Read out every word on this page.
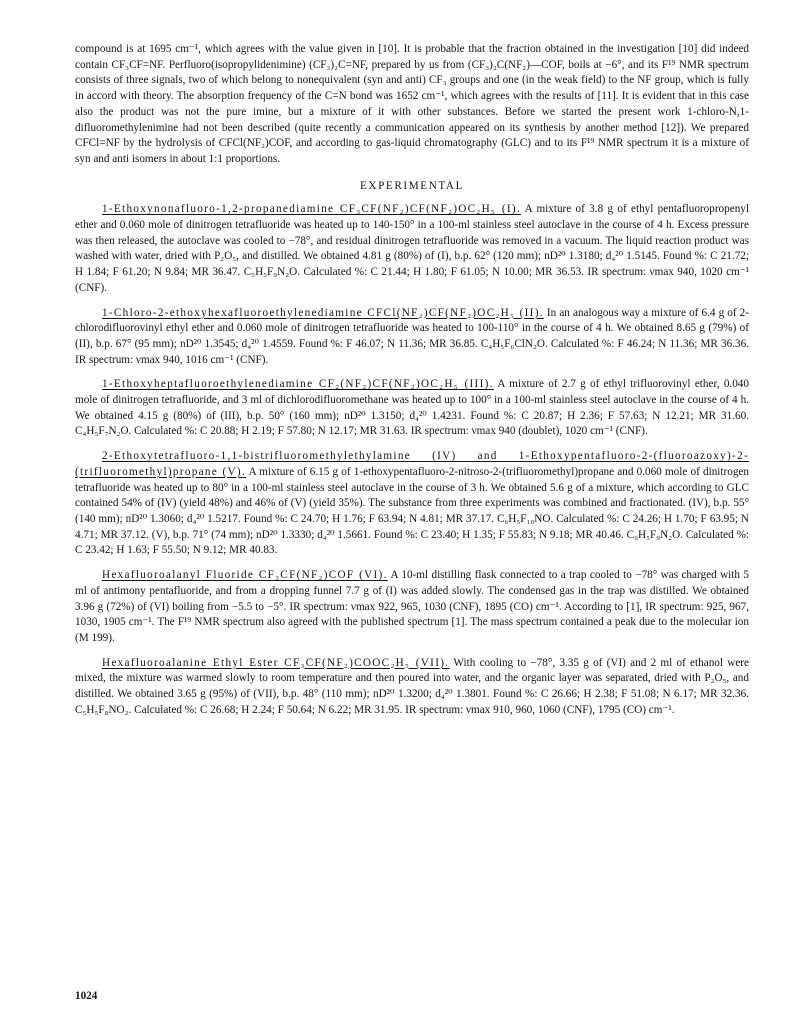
compound is at 1695 cm⁻¹, which agrees with the value given in [10]. It is probable that the fraction obtained in the investigation [10] did indeed contain CF₃CF=NF. Perfluoro(isopropylidenimine) (CF₃)₂C=NF, prepared by us from (CF₃)₂C(NF₂)—COF, boils at −6°, and its F¹⁹ NMR spectrum consists of three signals, two of which belong to nonequivalent (syn and anti) CF₃ groups and one (in the weak field) to the NF group, which is fully in accord with theory. The absorption frequency of the C=N bond was 1652 cm⁻¹, which agrees with the results of [11]. It is evident that in this case also the product was not the pure imine, but a mixture of it with other substances. Before we started the present work 1-chloro-N,1-difluoromethylenimine had not been described (quite recently a communication appeared on its synthesis by another method [12]). We prepared CFCl=NF by the hydrolysis of CFCl(NF₂)COF, and according to gas-liquid chromatography (GLC) and to its F¹⁹ NMR spectrum it is a mixture of syn and anti isomers in about 1:1 proportions.

EXPERIMENTAL

1-Ethoxynonafluoro-1,2-propanediamine CF₃CF(NF₂)CF(NF₂)OC₂H₅ (I). A mixture of 3.8 g of ethyl pentafluoropropenyl ether and 0.060 mole of dinitrogen tetrafluoride was heated up to 140-150° in a 100-ml stainless steel autoclave in the course of 4 h. Excess pressure was then released, the autoclave was cooled to −78°, and residual dinitrogen tetrafluoride was removed in a vacuum. The liquid reaction product was washed with water, dried with P₂O₅, and distilled. We obtained 4.81 g (80%) of (I), b.p. 62° (120 mm); nD²⁰ 1.3180; d₄²⁰ 1.5145. Found %: C 21.72; H 1.84; F 61.20; N 9.84; MR 36.47. C₅H₅F₉N₂O. Calculated %: C 21.44; H 1.80; F 61.05; N 10.00; MR 36.53. IR spectrum: νmax 940, 1020 cm⁻¹ (CNF).

1-Chloro-2-ethoxyhexafluoroethylenediamine CFCl(NF₂)CF(NF₂)OC₂H₅ (II). In an analogous way a mixture of 6.4 g of 2-chlorodifluorovinyl ethyl ether and 0.060 mole of dinitrogen tetrafluoride was heated to 100-110° in the course of 4 h. We obtained 8.65 g (79%) of (II), b.p. 67° (95 mm); nD²⁰ 1.3545; d₄²⁰ 1.4559. Found %: F 46.07; N 11.36; MR 36.85. C₄H₅F₆ClN₂O. Calculated %: F 46.24; N 11.36; MR 36.36. IR spectrum: νmax 940, 1016 cm⁻¹ (CNF).

1-Ethoxyheptafluoroethylenediamine CF₂(NF₂)CF(NF₂)OC₂H₅ (III). A mixture of 2.7 g of ethyl trifluorovinyl ether, 0.040 mole of dinitrogen tetrafluoride, and 3 ml of dichlorodifluoromethane was heated up to 100° in a 100-ml stainless steel autoclave in the course of 4 h. We obtained 4.15 g (80%) of (III), b.p. 50° (160 mm); nD²⁰ 1.3150; d₄²⁰ 1.4231. Found %: C 20.87; H 2.36; F 57.63; N 12.21; MR 31.60. C₄H₅F₇N₂O. Calculated %: C 20.88; H 2.19; F 57.80; N 12.17; MR 31.63. IR spectrum: νmax 940 (doublet), 1020 cm⁻¹ (CNF).

2-Ethoxytetrafluoro-1,1-bistrifluoromethylethylamine (IV) and 1-Ethoxypentafluoro-2-(fluoroazoxy)-2-(trifluoromethyl)propane (V). A mixture of 6.15 g of 1-ethoxypentafluoro-2-nitroso-2-(trifluoromethyl)propane and 0.060 mole of dinitrogen tetrafluoride was heated up to 80° in a 100-ml stainless steel autoclave in the course of 3 h. We obtained 5.6 g of a mixture, which according to GLC contained 54% of (IV) (yield 48%) and 46% of (V) (yield 35%). The substance from three experiments was combined and fractionated. (IV), b.p. 55° (140 mm); nD²⁰ 1.3060; d₄²⁰ 1.5217. Found %: C 24.70; H 1.76; F 63.94; N 4.81; MR 37.17. C₆H₅F₁₀NO. Calculated %: C 24.26; H 1.70; F 63.95; N 4.71; MR 37.12. (V), b.p. 71° (74 mm); nD²⁰ 1.3330; d₄²⁰ 1.5661. Found %: C 23.40; H 1.35; F 55.83; N 9.18; MR 40.46. C₆H₅F₉N₂O. Calculated %: C 23.42; H 1.63; F 55.50; N 9.12; MR 40.83.

Hexafluoroalanyl Fluoride CF₃CF(NF₂)COF (VI). A 10-ml distilling flask connected to a trap cooled to −78° was charged with 5 ml of antimony pentafluoride, and from a dropping funnel 7.7 g of (I) was added slowly. The condensed gas in the trap was distilled. We obtained 3.96 g (72%) of (VI) boiling from −5.5 to −5°. IR spectrum: νmax 922, 965, 1030 (CNF), 1895 (CO) cm⁻¹. According to [1], IR spectrum: 925, 967, 1030, 1905 cm⁻¹. The F¹⁹ NMR spectrum also agreed with the published spectrum [1]. The mass spectrum contained a peak due to the molecular ion (M 199).

Hexafluoroalanine Ethyl Ester CF₃CF(NF₂)COOC₂H₅ (VII). With cooling to −78°, 3.35 g of (VI) and 2 ml of ethanol were mixed, the mixture was warmed slowly to room temperature and then poured into water, and the organic layer was separated, dried with P₂O₅, and distilled. We obtained 3.65 g (95%) of (VII), b.p. 48° (110 mm); nD²⁰ 1.3200; d₄²⁰ 1.3801. Found %: C 26.66; H 2.38; F 51.08; N 6.17; MR 32.36. C₅H₅F₈NO₂. Calculated %: C 26.68; H 2.24; F 50.64; N 6.22; MR 31.95. IR spectrum: νmax 910, 960, 1060 (CNF), 1795 (CO) cm⁻¹.

1024
